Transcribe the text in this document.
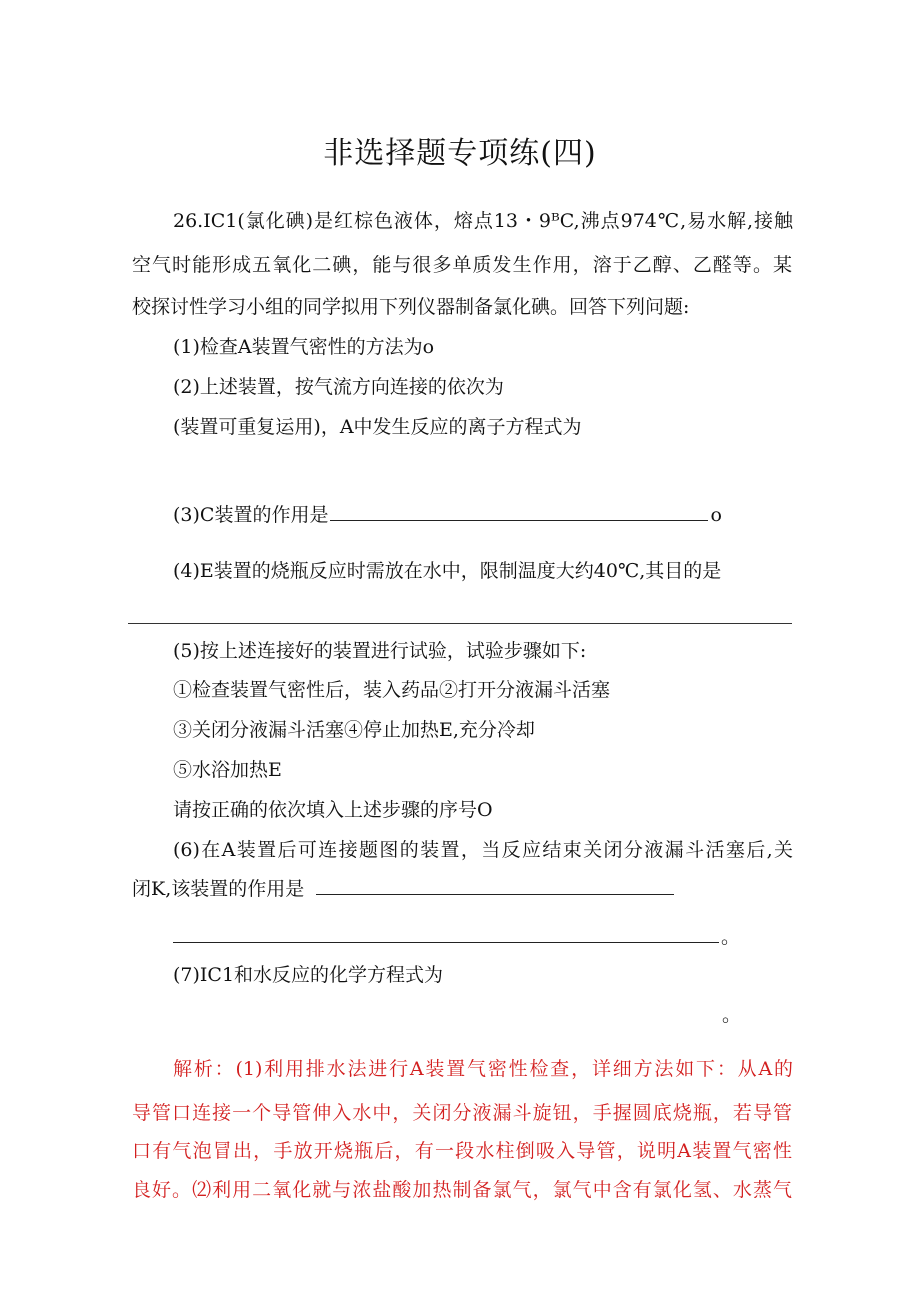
非选择题专项练(四)
26.IC1(氯化碘)是红棕色液体，熔点13・9ᴮC,沸点974℃,易水解,接触
空气时能形成五氧化二碘，能与很多单质发生作用，溶于乙醇、乙醛等。某
校探讨性学习小组的同学拟用下列仪器制备氯化碘。回答下列问题:
(1)检查A装置气密性的方法为o
(2)上述装置，按气流方向连接的依次为
(装置可重复运用)，A中发生反应的离子方程式为
(3)C装置的作用是	o
(4)E装置的烧瓶反应时需放在水中，限制温度大约40℃,其目的是
(5)按上述连接好的装置进行试验，试验步骤如下:
①检查装置气密性后，装入药品②打开分液漏斗活塞
③关闭分液漏斗活塞④停止加热E,充分冷却
⑤水浴加热E
请按正确的依次填入上述步骤的序号O
(6)在A装置后可连接题图的装置，当反应结束关闭分液漏斗活塞后,关
闭K,该装置的作用是
。
(7)IC1和水反应的化学方程式为
。
解析：(1)利用排水法进行A装置气密性检查，详细方法如下：从A的
导管口连接一个导管伸入水中，关闭分液漏斗旋钮，手握圆底烧瓶，若导管
口有气泡冒出，手放开烧瓶后，有一段水柱倒吸入导管，说明A装置气密性
良好。⑵利用二氧化就与浓盐酸加热制备氯气，氯气中含有氯化氢、水蒸气
